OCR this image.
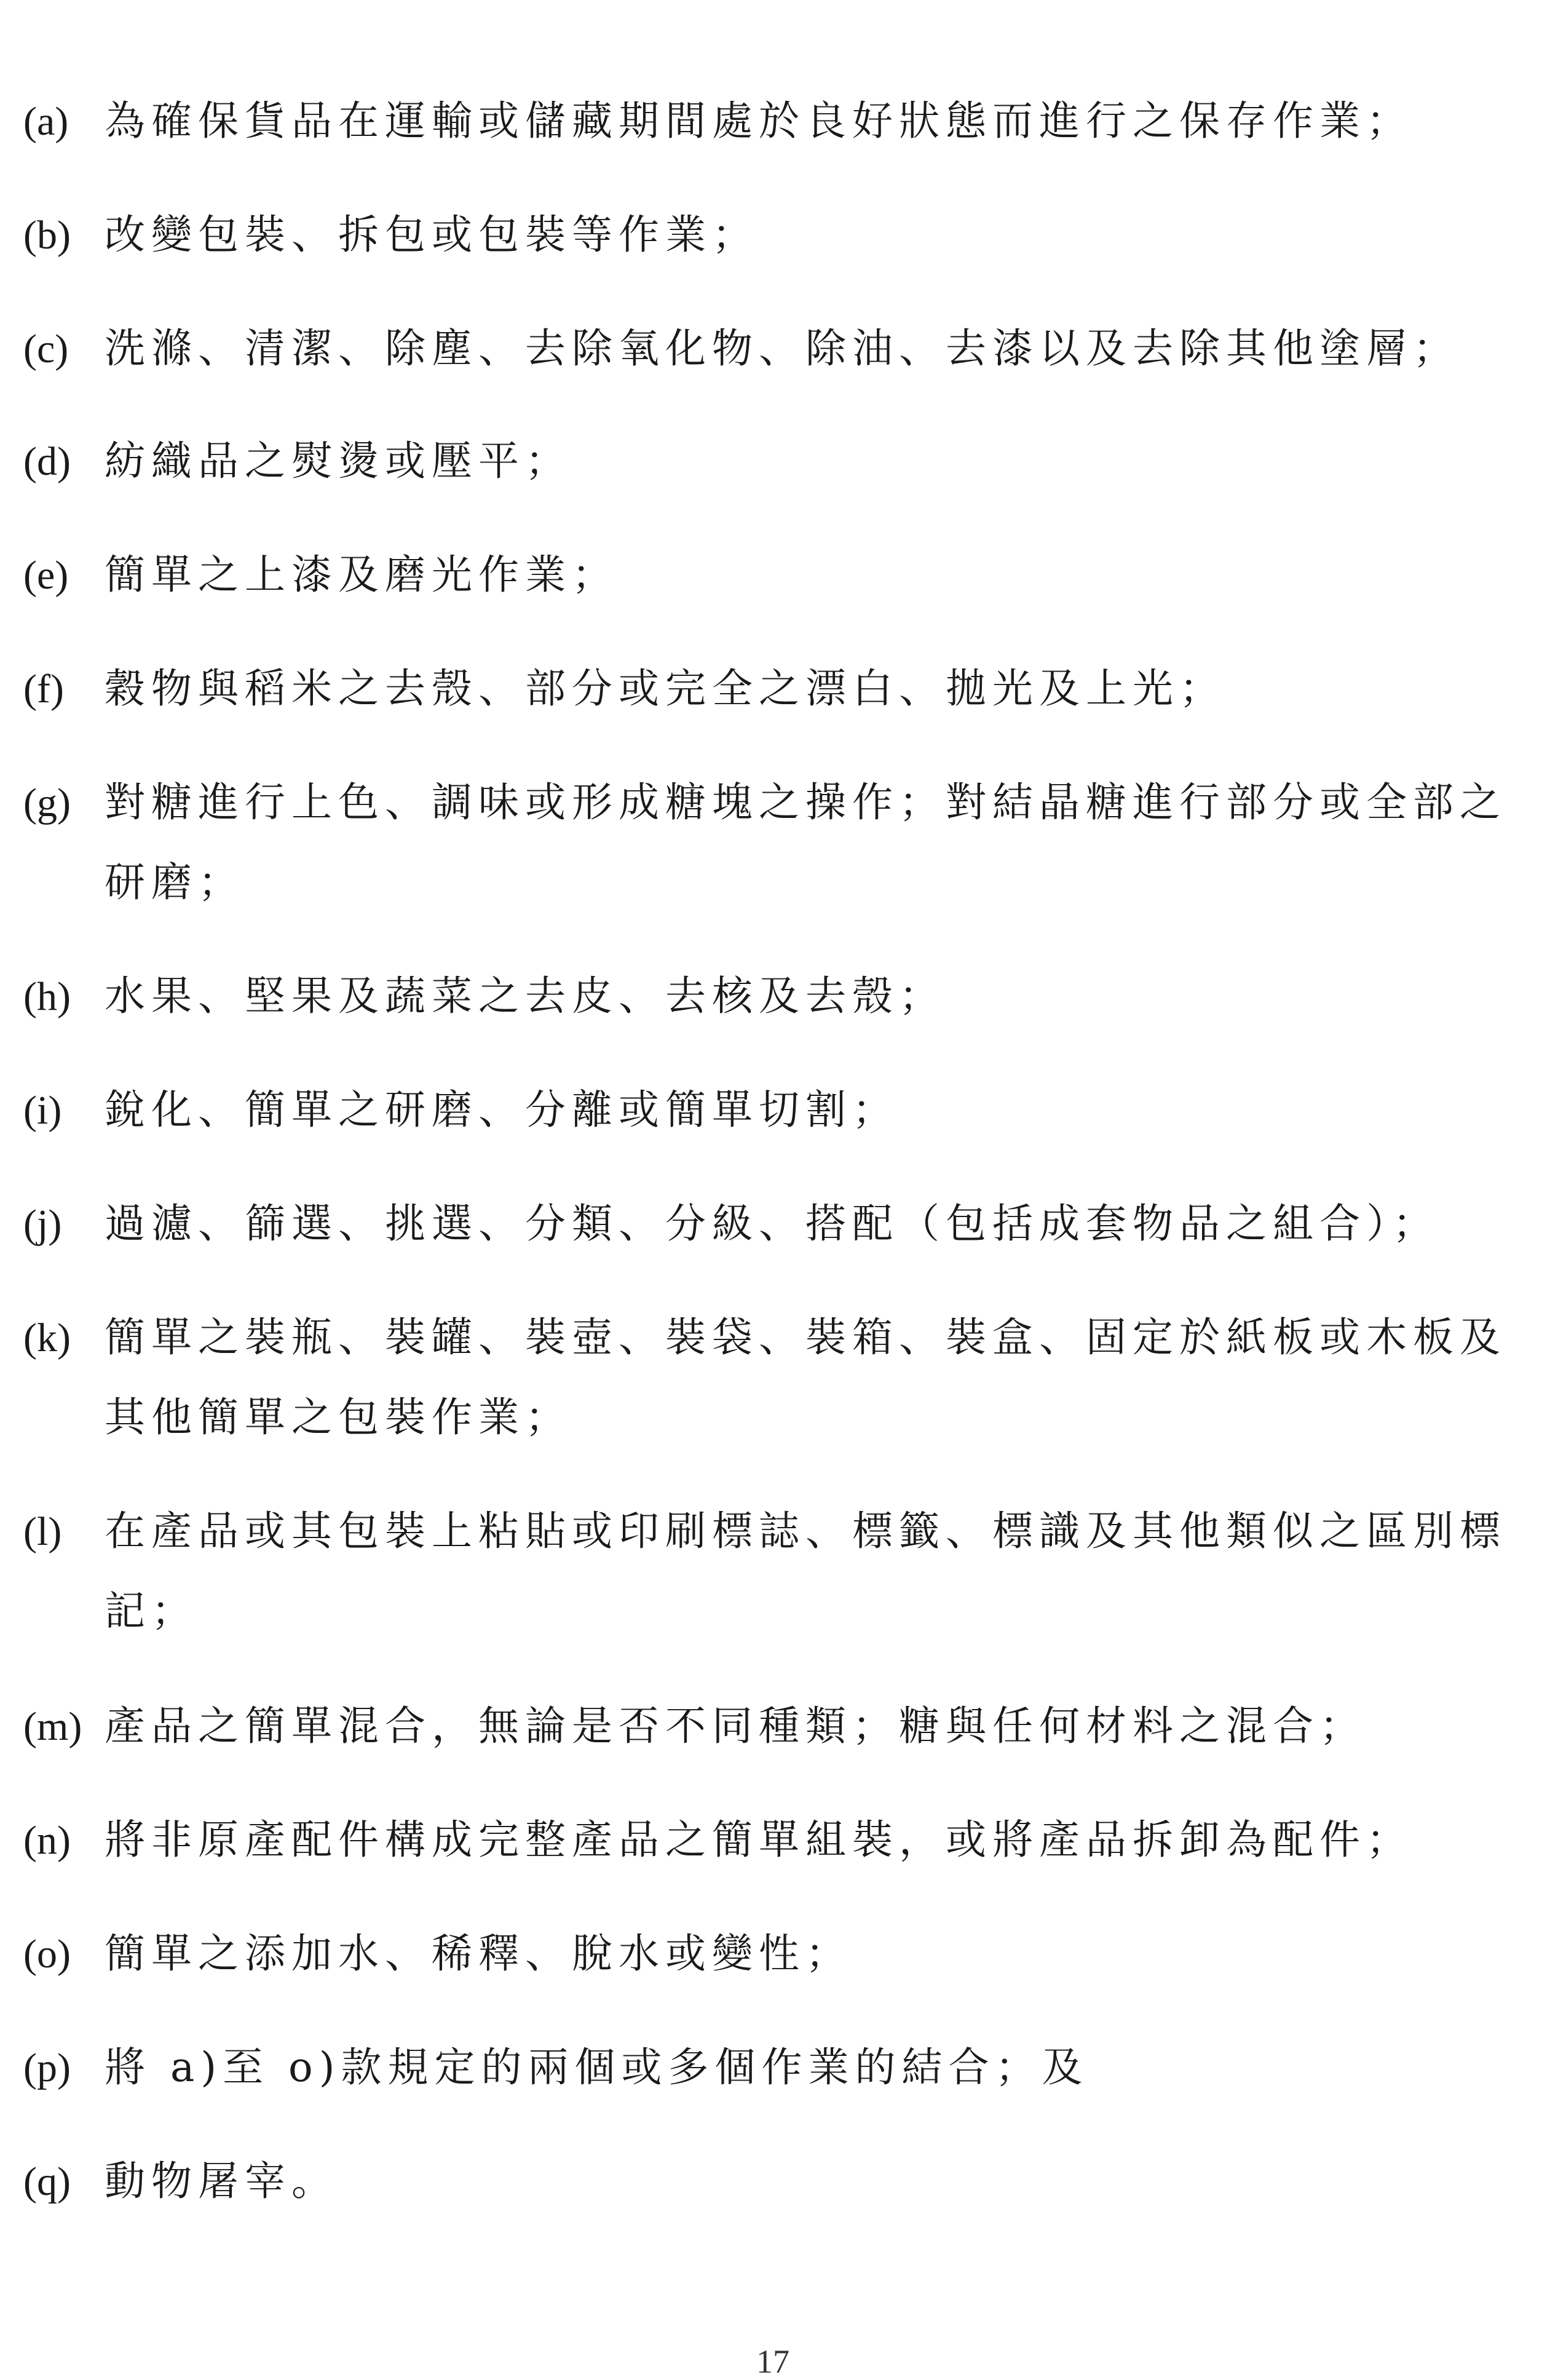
(a) 為確保貨品在運輸或儲藏期間處於良好狀態而進行之保存作業；
(b) 改變包裝、拆包或包裝等作業；
(c) 洗滌、清潔、除塵、去除氧化物、除油、去漆以及去除其他塗層；
(d) 紡織品之熨燙或壓平；
(e) 簡單之上漆及磨光作業；
(f)	穀物與稻米之去殼、部分或完全之漂白、拋光及上光；
(g) 對糖進行上色、調味或形成糖塊之操作；對結晶糖進行部分或全部之
研磨；
(h) 水果、堅果及蔬菜之去皮、去核及去殼；
(i)	銳化、簡單之研磨、分離或簡單切割；
(j)	過濾、篩選、挑選、分類、分級、搭配（包括成套物品之組合）；
(k) 簡單之裝瓶、裝罐、裝壺、裝袋、裝箱、裝盒、固定於紙板或木板及
其他簡單之包裝作業；
(l)	在產品或其包裝上粘貼或印刷標誌、標籤、標識及其他類似之區別標
記；
(m) 產品之簡單混合，無論是否不同種類；糖與任何材料之混合；
(n) 將非原產配件構成完整產品之簡單組裝，或將產品拆卸為配件；
(o) 簡單之添加水、稀釋、脫水或變性；
(p) 將 a)至 o)款規定的兩個或多個作業的結合；及
(q) 動物屠宰。
17
